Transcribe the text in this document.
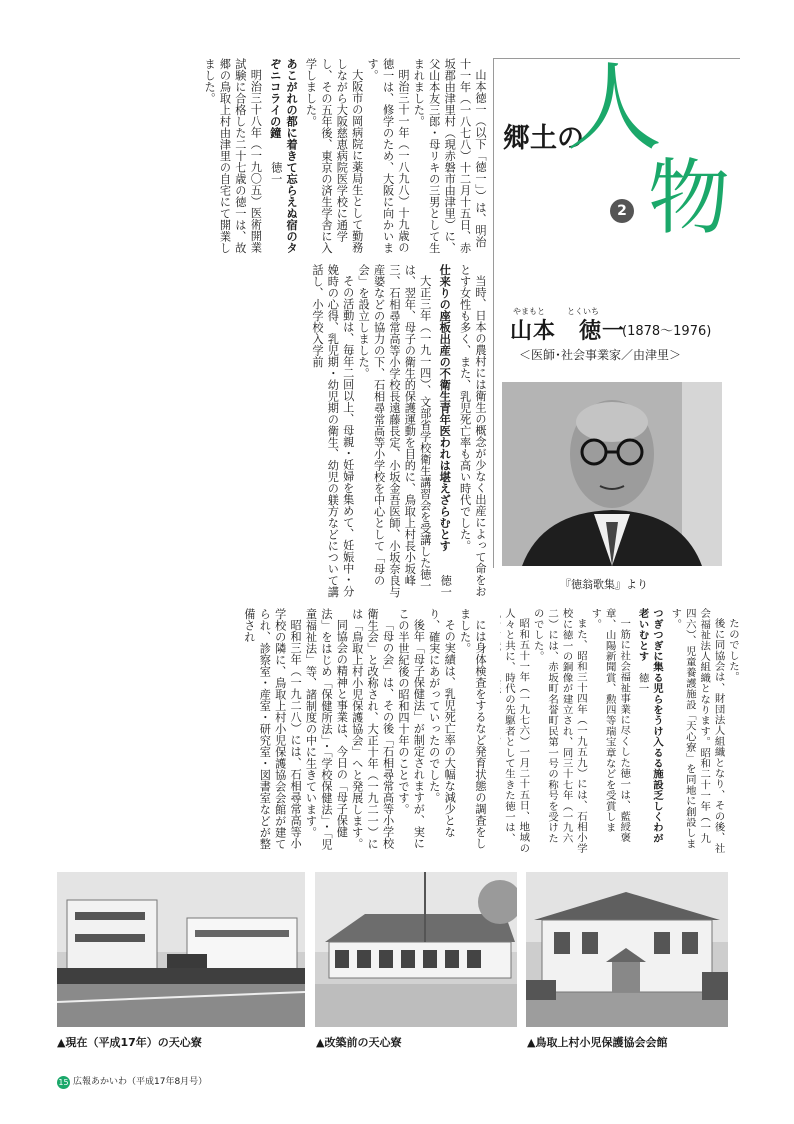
郷土の
人
物
2
やまもと	とくいち
山本　徳一
(1878～1976)
＜医師･社会事業家／由津里＞
『徳翁歌集』より

山本徳一（以下「徳一」）は、明治十一年（一八七八）十二月十五日、赤坂郡由津里村（現赤磐市由津里）に、父山本友三郎・母リキの三男として生まれました。

明治三十一年（一八九八）十九歳の徳一は、修学のため、大阪に向かいます。

大阪市の岡病院に薬局生として勤務しながら大阪慈恵病院医学校に通学し、その五年後、東京の済生学舎に入学しました。

あこがれの都に着きて忘らえぬ宿のタぞニコライの鐘　　徳一

明治三十八年（一九〇五）医術開業試験に合格した二十七歳の徳一は、故郷の鳥取上村由津里の自宅にて開業しました。

当時、日本の農村には衛生の概念が少なく出産によって命をおとす女性も多く、また、乳児死亡率も高い時代でした。

仕来りの座板出産の不衛生青年医われは堪えざらむとす　　徳一

大正三年（一九一四）、文部省学校衛生講習会を受講した徳一は、翌年、母子の衛生的保護運動を目的に、鳥取上村長小坂峰三、石相尋常高等小学校長遠藤長定、小坂金吾医師、小坂奈良与産婆などの協力の下、石相尋常高等小学校を中心として「母の会」を設立しました。

その活動は、毎年二回以上、母親・妊婦を集めて、妊娠中・分娩時の心得、乳児期・幼児期の衛生、幼児の躾方などについて講話し、小学校入学前

には身体検査をするなど発育状態の調査をしました。

その実績は、乳児死亡率の大幅な減少となり、確実にあがっていったのでした。

後年「母子保健法」が制定されますが、実にこの半世紀後の昭和四十年のことです。

「母の会」は、その後「石相尋常高等小学校衛生会」と改称され、大正十年（一九二一）には「鳥取上村小児保護協会」へと発展します。

同協会の精神と事業は、今日の「母子保健法」をはじめ「保健所法」・「学校保健法」・「児童福祉法」等、諸制度の中に生きています。

昭和三年（一九二八）には、石相尋常高等小学校の隣に、鳥取上村小児保護協会会館が建てられ、診察室・産室・研究室・図書室などが整備され	たのでした。

後に同協会は、財団法人組織となり、その後、社会福祉法人組織となります。昭和二十一年（一九四六）、児童養護施設「天心寮」を同地に創設します。

つぎつぎに集る児らをうけ入るる施設乏しくわが老いむとす　徳一

一筋に社会福祉事業に尽くした徳一は、藍綬褒章、山陽新聞賞、勲四等瑞宝章などを受賞します。

また、昭和三十四年（一九五九）には、石相小学校に徳一の銅像が建立され、同三十七年（一九六二）には、赤坂町名誉町民第一号の称号を受けたのでした。

昭和五十一年（一九七六）一月二十五日、地域の人々と共に、時代の先駆者として生きた徳一は、

▲現在（平成17年）の天心寮	▲改築前の天心寮	▲鳥取上村小児保護協会会館
15 広報あかいわ（平成17年8月号）
